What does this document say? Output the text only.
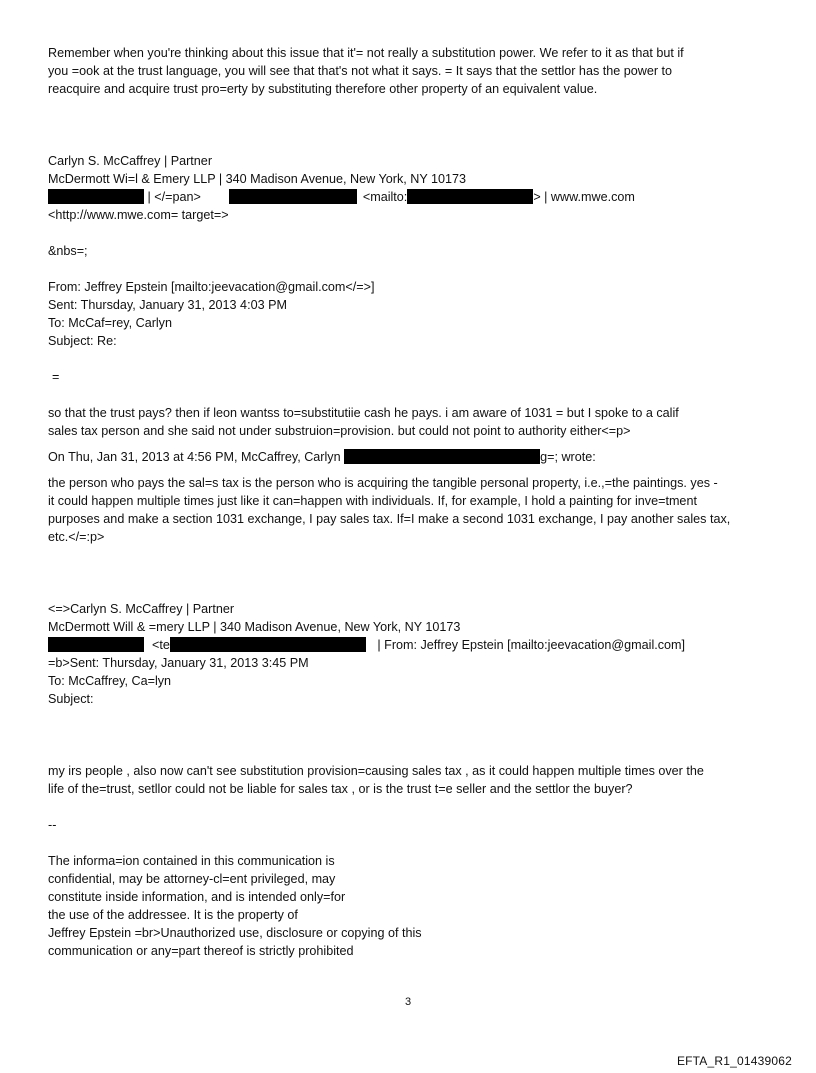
Remember when you're thinking about this issue that it'= not really a substitution power. We refer to it as that but if
you =ook at the trust language, you will see that that's not what it says. = It says that the settlor has the power to
reacquire and acquire trust pro=erty by substituting therefore other property of an equivalent value.
Carlyn S. McCaffrey | Partner
McDermott Wi=l & Emery LLP | 340 Madison Avenue, New York, NY 10173
| </=pan>	<mailto:	> | www.mwe.com
<http://www.mwe.com= target=>
&nbs=;
From: Jeffrey Epstein [mailto:jeevacation@gmail.com</=>]
Sent: Thursday, January 31, 2013 4:03 PM
To: McCaf=rey, Carlyn
Subject: Re:
=
so that the trust pays? then if leon wantss to=substitutiie cash he pays. i am aware of 1031 = but I spoke to a calif
sales tax person and she said not under substruion=provision. but could not point to authority either<=p>
On Thu, Jan 31, 2013 at 4:56 PM, McCaffrey, Carlyn	g=; wrote:
the person who pays the sal=s tax is the person who is acquiring the tangible personal property, i.e.,=the paintings. yes -
it could happen multiple times just like it can=happen with individuals. If, for example, I hold a painting for inve=tment
purposes and make a section 1031 exchange, I pay sales tax. If=I make a second 1031 exchange, I pay another sales tax,
etc.</=:p>
<=>Carlyn S. McCaffrey | Partner
McDermott Will & =mery LLP | 340 Madison Avenue, New York, NY 10173
<te	| From: Jeffrey Epstein [mailto:jeevacation@gmail.com]
=b>Sent: Thursday, January 31, 2013 3:45 PM
To: McCaffrey, Ca=lyn
Subject:
my irs people , also now can't see substitution provision=causing sales tax , as it could happen multiple times over the
life of the=trust, setllor could not be liable for sales tax , or is the trust t=e seller and the settlor the buyer?
--
The informa=ion contained in this communication is
confidential, may be attorney-cl=ent privileged, may
constitute inside information, and is intended only=for
the use of the addressee. It is the property of
Jeffrey Epstein =br>Unauthorized use, disclosure or copying of this
communication or any=part thereof is strictly prohibited
3
EFTA_R1_01439062
